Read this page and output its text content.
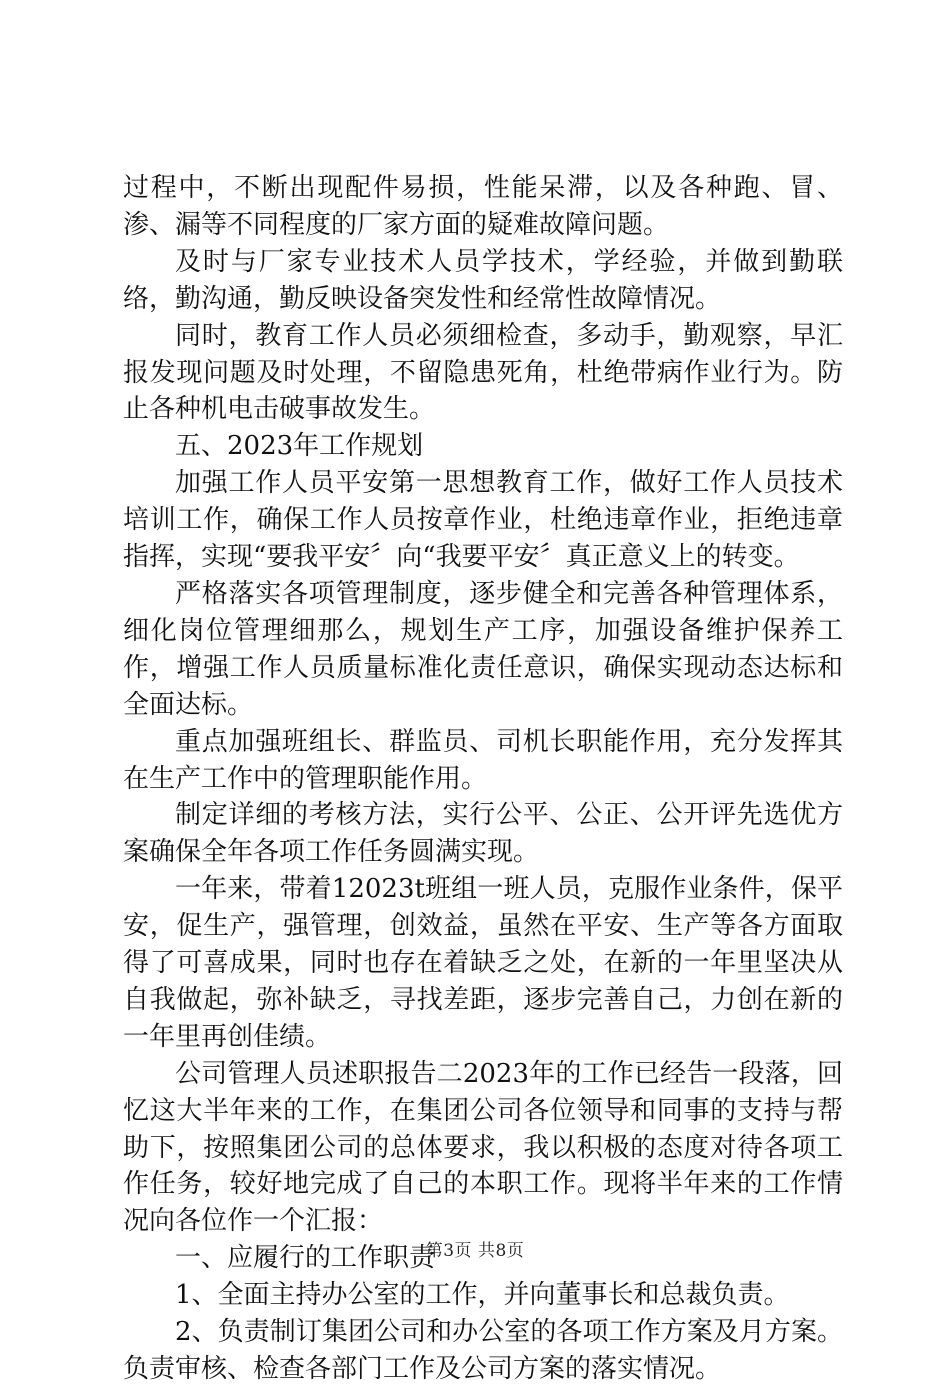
过程中，不断出现配件易损，性能呆滞，以及各种跑、冒、渗、漏等不同程度的厂家方面的疑难故障问题。

及时与厂家专业技术人员学技术，学经验，并做到勤联络，勤沟通，勤反映设备突发性和经常性故障情况。

同时，教育工作人员必须细检查，多动手，勤观察，早汇报发现问题及时处理，不留隐患死角，杜绝带病作业行为。防止各种机电击破事故发生。

五、2023年工作规划

加强工作人员平安第一思想教育工作，做好工作人员技术培训工作，确保工作人员按章作业，杜绝违章作业，拒绝违章指挥，实现“要我平安〞向“我要平安〞真正意义上的转变。

严格落实各项管理制度，逐步健全和完善各种管理体系，细化岗位管理细那么，规划生产工序，加强设备维护保养工作，增强工作人员质量标准化责任意识，确保实现动态达标和全面达标。

重点加强班组长、群监员、司机长职能作用，充分发挥其在生产工作中的管理职能作用。

制定详细的考核方法，实行公平、公正、公开评先选优方案确保全年各项工作任务圆满实现。

一年来，带着12023t班组一班人员，克服作业条件，保平安，促生产，强管理，创效益，虽然在平安、生产等各方面取得了可喜成果，同时也存在着缺乏之处，在新的一年里坚决从自我做起，弥补缺乏，寻找差距，逐步完善自己，力创在新的一年里再创佳绩。

公司管理人员述职报告二2023年的工作已经告一段落，回忆这大半年来的工作，在集团公司各位领导和同事的支持与帮助下，按照集团公司的总体要求，我以积极的态度对待各项工作任务，较好地完成了自己的本职工作。现将半年来的工作情况向各位作一个汇报：

一、应履行的工作职责

1、全面主持办公室的工作，并向董事长和总裁负责。

2、负责制订集团公司和办公室的各项工作方案及月方案。负责审核、检查各部门工作及公司方案的落实情况。

第3页 共8页
